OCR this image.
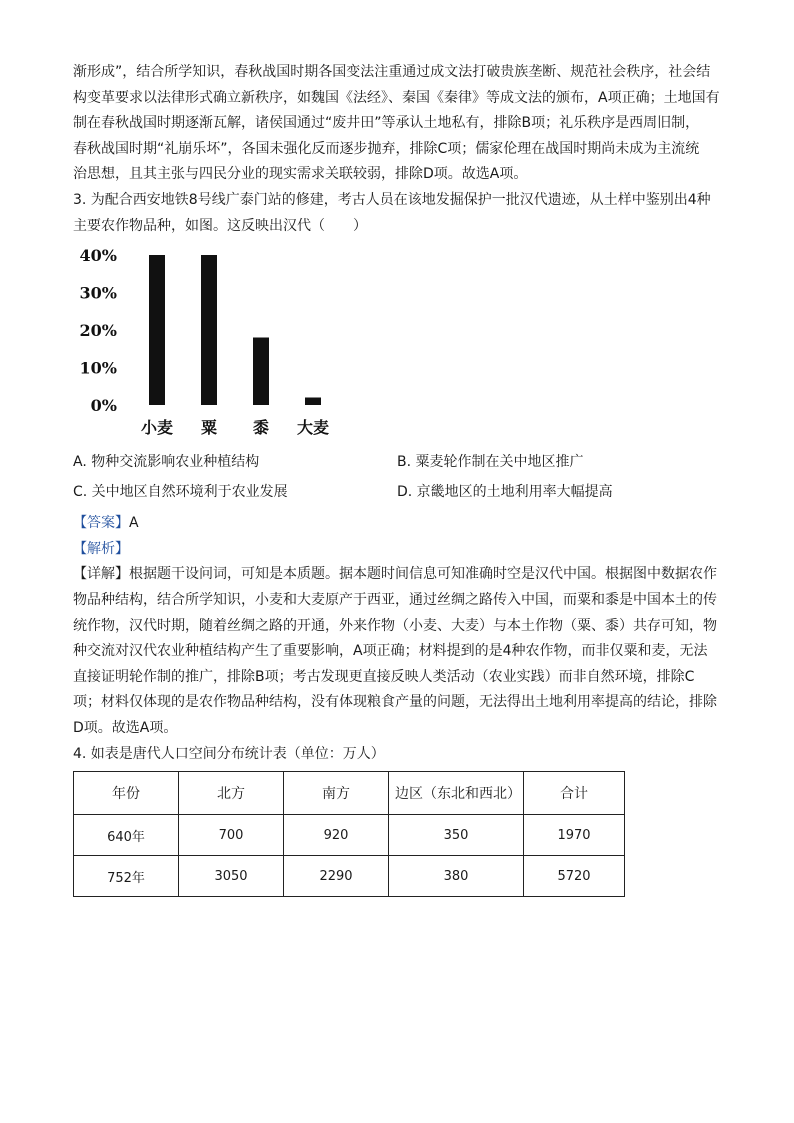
渐形成”，结合所学知识，春秋战国时期各国变法注重通过成文法打破贵族垄断、规范社会秩序，社会结

构变革要求以法律形式确立新秩序，如魏国《法经》、秦国《秦律》等成文法的颁布，A项正确；土地国有

制在春秋战国时期逐渐瓦解，诸侯国通过“废井田”等承认土地私有，排除B项；礼乐秩序是西周旧制，

春秋战国时期“礼崩乐坏”，各国未强化反而逐步抛弃，排除C项；儒家伦理在战国时期尚未成为主流统

治思想，且其主张与四民分业的现实需求关联较弱，排除D项。故选A项。

3. 为配合西安地铁8号线广泰门站的修建，考古人员在该地发掘保护一批汉代遗迹，从土样中鉴别出4种

主要农作物品种，如图。这反映出汉代（　　）

40%
30%
20%
10%
0%
小麦 粟 黍 大麦
A. 物种交流影响农业种植结构	B. 粟麦轮作制在关中地区推广
C. 关中地区自然环境利于农业发展	D. 京畿地区的土地利用率大幅提高

【答案】A

【解析】

【详解】根据题干设问词，可知是本质题。据本题时间信息可知准确时空是汉代中国。根据图中数据农作

物品种结构，结合所学知识，小麦和大麦原产于西亚，通过丝绸之路传入中国，而粟和黍是中国本土的传

统作物，汉代时期，随着丝绸之路的开通，外来作物（小麦、大麦）与本土作物（粟、黍）共存可知，物

种交流对汉代农业种植结构产生了重要影响，A项正确；材料提到的是4种农作物，而非仅粟和麦，无法

直接证明轮作制的推广，排除B项；考古发现更直接反映人类活动（农业实践）而非自然环境，排除C

项；材料仅体现的是农作物品种结构，没有体现粮食产量的问题，无法得出土地利用率提高的结论，排除

D项。故选A项。

4. 如表是唐代人口空间分布统计表（单位：万人）

年份	北方	南方	边区（东北和西北）	合计
640年	700	920	350	1970
752年	3050	2290	380	5720
